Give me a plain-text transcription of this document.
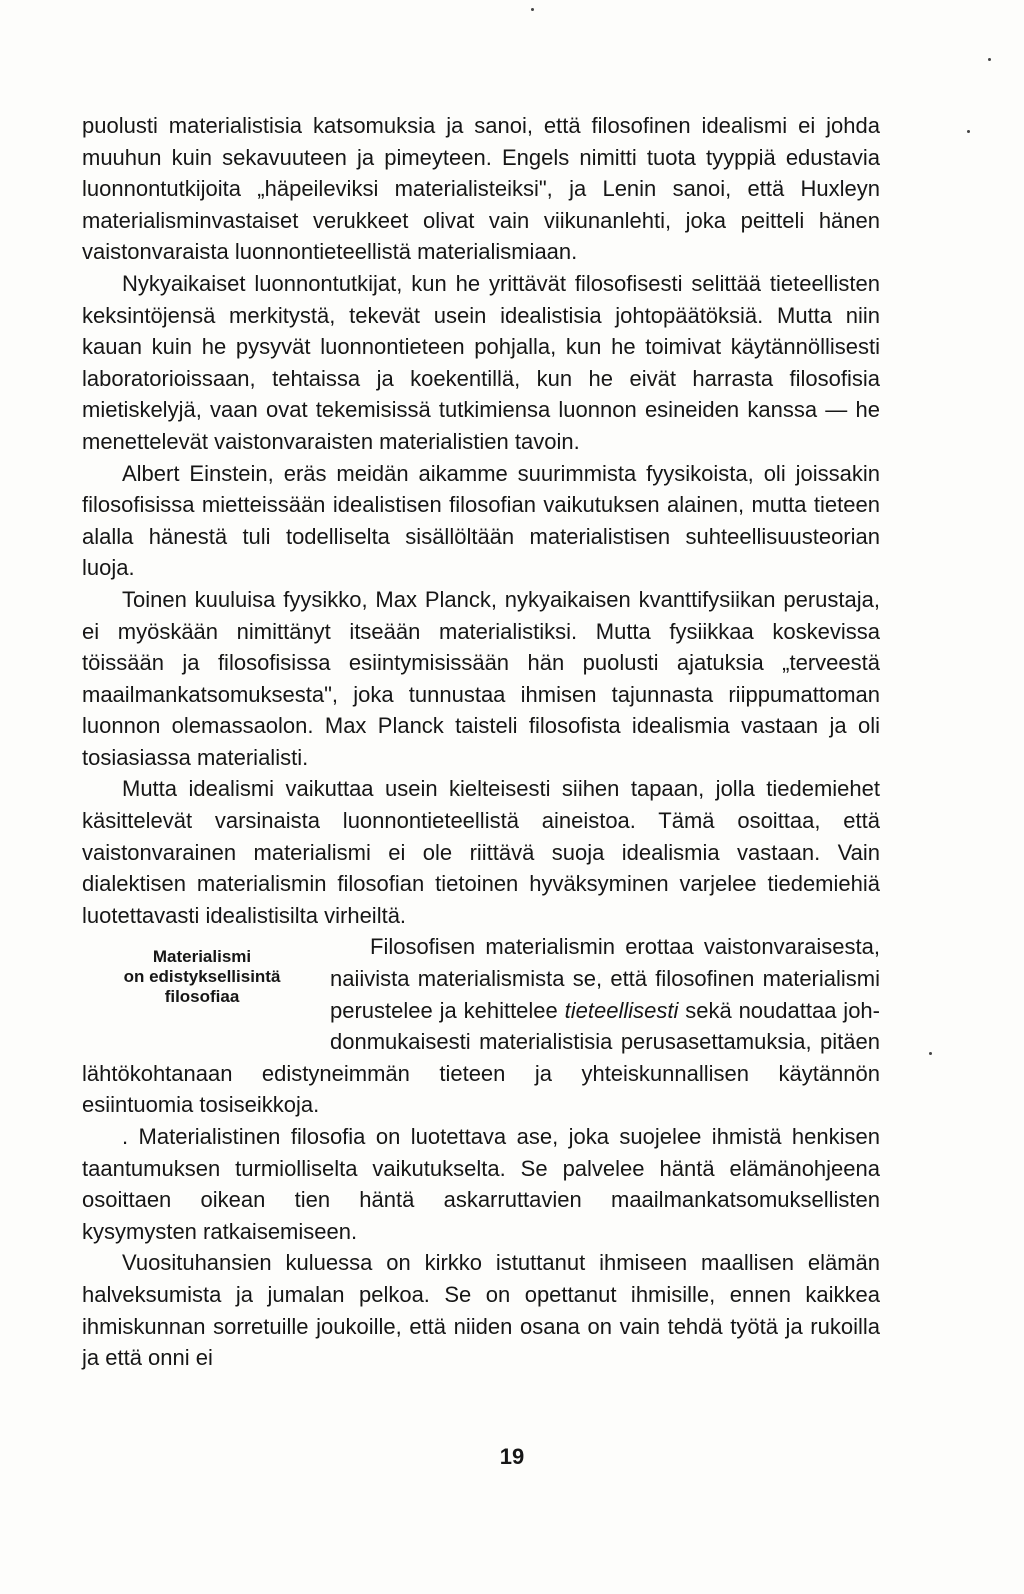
puolusti materialistisia katsomuksia ja sanoi, että filosofinen idealismi ei johda muuhun kuin sekavuuteen ja pimeyteen. Engels nimitti tuota tyyppiä edustavia luonnontutkijoita „häpeileviksi materialisteiksi", ja Lenin sanoi, että Huxleyn materialisminvastaiset verukkeet olivat vain viikunanlehti, joka peitteli hänen vaistonvaraista luonnontieteellistä materialismiaan.

Nykyaikaiset luonnontutkijat, kun he yrittävät filosofisesti selittää tieteellisten keksintöjensä merkitystä, tekevät usein idealistisia johtopäätöksiä. Mutta niin kauan kuin he pysyvät luonnontieteen pohjalla, kun he toimivat käytännöllisesti laboratorioissaan, tehtaissa ja koekentillä, kun he eivät harrasta filosofisia mietiskelyjä, vaan ovat tekemisissä tutkimiensa luonnon esineiden kanssa — he menettelevät vaistonvaraisten materialistien tavoin.

Albert Einstein, eräs meidän aikamme suurimmista fyysikoista, oli joissakin filosofisissa mietteissään idealistisen filosofian vaikutuksen alainen, mutta tieteen alalla hänestä tuli todelliselta sisällöltään materialistisen suhteellisuusteorian luoja.

Toinen kuuluisa fyysikko, Max Planck, nykyaikaisen kvanttifysiikan perustaja, ei myöskään nimittänyt itseään materialistiksi. Mutta fysiikkaa koskevissa töissään ja filosofisissa esiintymisissään hän puolusti ajatuksia „terveestä maailmankatsomuksesta", joka tunnustaa ihmisen tajunnasta riippumattoman luonnon olemassaolon. Max Planck taisteli filosofista idealismia vastaan ja oli tosiasiassa materialisti.

Mutta idealismi vaikuttaa usein kielteisesti siihen tapaan, jolla tiedemiehet käsittelevät varsinaista luonnontieteellistä aineistoa. Tämä osoittaa, että vaistonvarainen materialismi ei ole riittävä suoja idealismia vastaan. Vain dialektisen materialismin filosofian tietoinen hyväksyminen varjelee tiedemiehiä luotettavasti idealistisilta virheiltä.

Materialismi
on edistyksellisintä
filosofiaa

Filosofisen materialismin erottaa vaistonvaraisesta, naiivista materialismista se, että filosofinen materialismi perustelee ja kehittelee tieteellisesti sekä noudattaa johdonmukaisesti materialistisia perusasettamuksia, pitäen lähtökohtanaan edistyneimmän tieteen ja yhteiskunnallisen käytännön esiintuomia tosiseikkoja.

. Materialistinen filosofia on luotettava ase, joka suojelee ihmistä henkisen taantumuksen turmiolliselta vaikutukselta. Se palvelee häntä elämänohjeena osoittaen oikean tien häntä askarruttavien maailmankatsomuksellisten kysymysten ratkaisemiseen.

Vuosituhansien kuluessa on kirkko istuttanut ihmiseen maallisen elämän halveksumista ja jumalan pelkoa. Se on opettanut ihmisille, ennen kaikkea ihmiskunnan sorretuille joukoille, että niiden osana on vain tehdä työtä ja rukoilla ja että onni ei

19
